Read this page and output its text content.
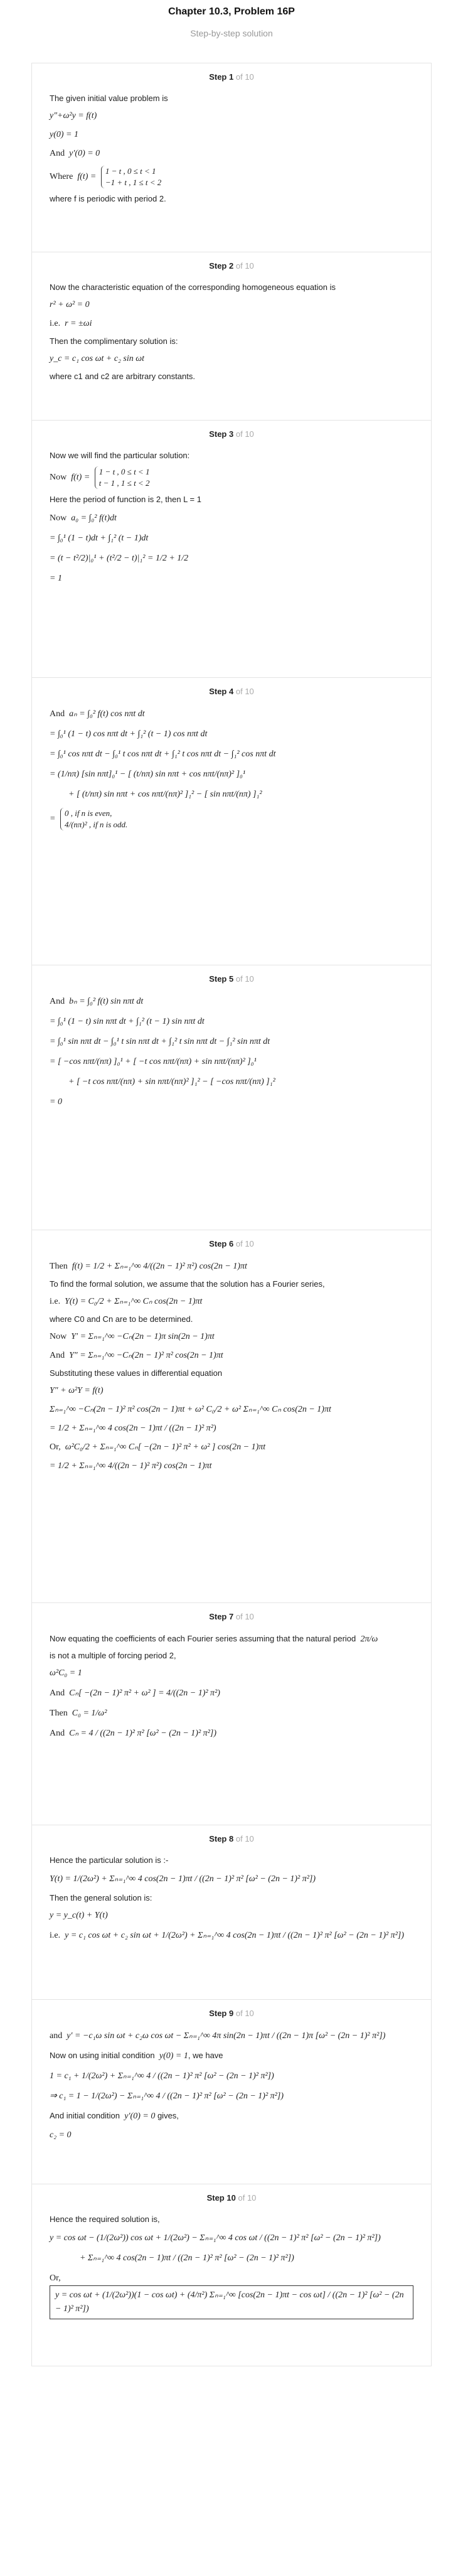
Chapter 10.3, Problem 16P
Step-by-step solution
Step 1 of 10

The given initial value problem is

y″+ω²y = f(t)
y(0) = 1
And y′(0) = 0
Where f(t) = 1 − t , 0 ≤ t < 1
−1 + t , 1 ≤ t < 2

where f is periodic with period 2.

Step 2 of 10

Now the characteristic equation of the corresponding homogeneous equation is

r² + ω² = 0
i.e. r = ±ωi

Then the complimentary solution is:

y_c = c₁ cos ωt + c₂ sin ωt

where c1 and c2 are arbitrary constants.

Step 3 of 10

Now we will find the particular solution:

Now f(t) = 1 − t , 0 ≤ t < 1
t − 1 , 1 ≤ t < 2

Here the period of function is 2, then L = 1

Now a₀ = ∫₀² f(t)dt
= ∫₀¹ (1 − t)dt + ∫₁² (t − 1)dt
= (t − t²/2)|₀¹ + (t²/2 − t)|₁² = 1/2 + 1/2
= 1
Step 4 of 10
And aₙ = ∫₀² f(t) cos nπt dt
= ∫₀¹ (1 − t) cos nπt dt + ∫₁² (t − 1) cos nπt dt
= ∫₀¹ cos nπt dt − ∫₀¹ t cos nπt dt + ∫₁² t cos nπt dt − ∫₁² cos nπt dt
= (1/nπ) [sin nπt]₀¹ − [ (t/nπ) sin nπt + cos nπt/(nπ)² ]₀¹
+ [ (t/nπ) sin nπt + cos nπt/(nπ)² ]₁² − [ sin nπt/(nπ) ]₁²
= 0 , if n is even,
4/(nπ)² , if n is odd.
Step 5 of 10
And bₙ = ∫₀² f(t) sin nπt dt
= ∫₀¹ (1 − t) sin nπt dt + ∫₁² (t − 1) sin nπt dt
= ∫₀¹ sin nπt dt − ∫₀¹ t sin nπt dt + ∫₁² t sin nπt dt − ∫₁² sin nπt dt
= [ −cos nπt/(nπ) ]₀¹ + [ −t cos nπt/(nπ) + sin nπt/(nπ)² ]₀¹
+ [ −t cos nπt/(nπ) + sin nπt/(nπ)² ]₁² − [ −cos nπt/(nπ) ]₁²
= 0
Step 6 of 10
Then f(t) = 1/2 + Σₙ₌₁^∞ 4/((2n − 1)² π²) cos(2n − 1)πt

To find the formal solution, we assume that the solution has a Fourier series,

i.e. Y(t) = C₀/2 + Σₙ₌₁^∞ Cₙ cos(2n − 1)πt

where C0 and Cn are to be determined.

Now Y′ = Σₙ₌₁^∞ −Cₙ(2n − 1)π sin(2n − 1)πt
And Y″ = Σₙ₌₁^∞ −Cₙ(2n − 1)² π² cos(2n − 1)πt

Substituting these values in differential equation

Y″ + ω²Y = f(t)
Σₙ₌₁^∞ −Cₙ(2n − 1)² π² cos(2n − 1)πt + ω² C₀/2 + ω² Σₙ₌₁^∞ Cₙ cos(2n − 1)πt
= 1/2 + Σₙ₌₁^∞ 4 cos(2n − 1)πt / ((2n − 1)² π²)
Or, ω²C₀/2 + Σₙ₌₁^∞ Cₙ[ −(2n − 1)² π² + ω² ] cos(2n − 1)πt
= 1/2 + Σₙ₌₁^∞ 4/((2n − 1)² π²) cos(2n − 1)πt
Step 7 of 10

Now equating the coefficients of each Fourier series assuming that the natural period 2π/ω

is not a multiple of forcing period 2,

ω²C₀ = 1
And Cₙ[ −(2n − 1)² π² + ω² ] = 4/((2n − 1)² π²)
Then C₀ = 1/ω²
And Cₙ = 4 / ((2n − 1)² π² [ω² − (2n − 1)² π²])
Step 8 of 10

Hence the particular solution is :-

Y(t) = 1/(2ω²) + Σₙ₌₁^∞ 4 cos(2n − 1)πt / ((2n − 1)² π² [ω² − (2n − 1)² π²])

Then the general solution is:

y = y_c(t) + Y(t)
i.e. y = c₁ cos ωt + c₂ sin ωt + 1/(2ω²) + Σₙ₌₁^∞ 4 cos(2n − 1)πt / ((2n − 1)² π² [ω² − (2n − 1)² π²])
Step 9 of 10
and y′ = −c₁ω sin ωt + c₂ω cos ωt − Σₙ₌₁^∞ 4π sin(2n − 1)πt / ((2n − 1)π [ω² − (2n − 1)² π²])

Now on using initial condition y(0) = 1, we have

1 = c₁ + 1/(2ω²) + Σₙ₌₁^∞ 4 / ((2n − 1)² π² [ω² − (2n − 1)² π²])
⇒ c₁ = 1 − 1/(2ω²) − Σₙ₌₁^∞ 4 / ((2n − 1)² π² [ω² − (2n − 1)² π²])

And initial condition y′(0) = 0 gives,

c₂ = 0
Step 10 of 10

Hence the required solution is,

y = cos ωt − (1/(2ω²)) cos ωt + 1/(2ω²) − Σₙ₌₁^∞ 4 cos ωt / ((2n − 1)² π² [ω² − (2n − 1)² π²])
+ Σₙ₌₁^∞ 4 cos(2n − 1)πt / ((2n − 1)² π² [ω² − (2n − 1)² π²])
Or,  y = cos ωt + (1/(2ω²))(1 − cos ωt) + (4/π²) Σₙ₌₁^∞ [cos(2n − 1)πt − cos ωt] / ((2n − 1)² [ω² − (2n − 1)² π²])
